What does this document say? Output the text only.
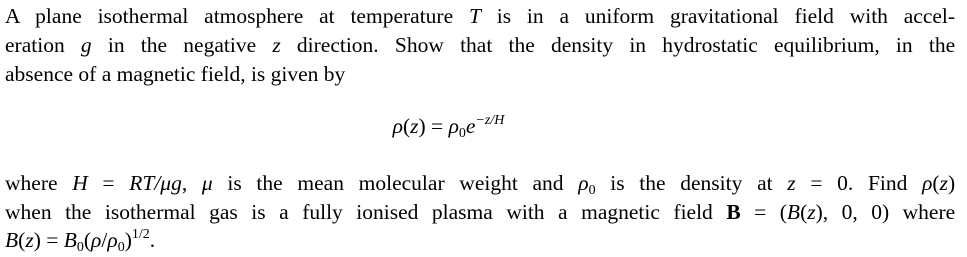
A plane isothermal atmosphere at temperature T is in a uniform gravitational field with accel-
eration g in the negative z direction. Show that the density in hydrostatic equilibrium, in the
absence of a magnetic field, is given by
$\rho(z) = \rho 0e^{-z/H}$
where H = RT/μg, μ is the mean molecular weight and ρ0 is the density at z = 0. Find ρ(z)
when the isothermal gas is a fully ionised plasma with a magnetic field B = (B(z), 0, 0) where
$B(z) = B0(\rho/\rho 0)^{1/2}$.
